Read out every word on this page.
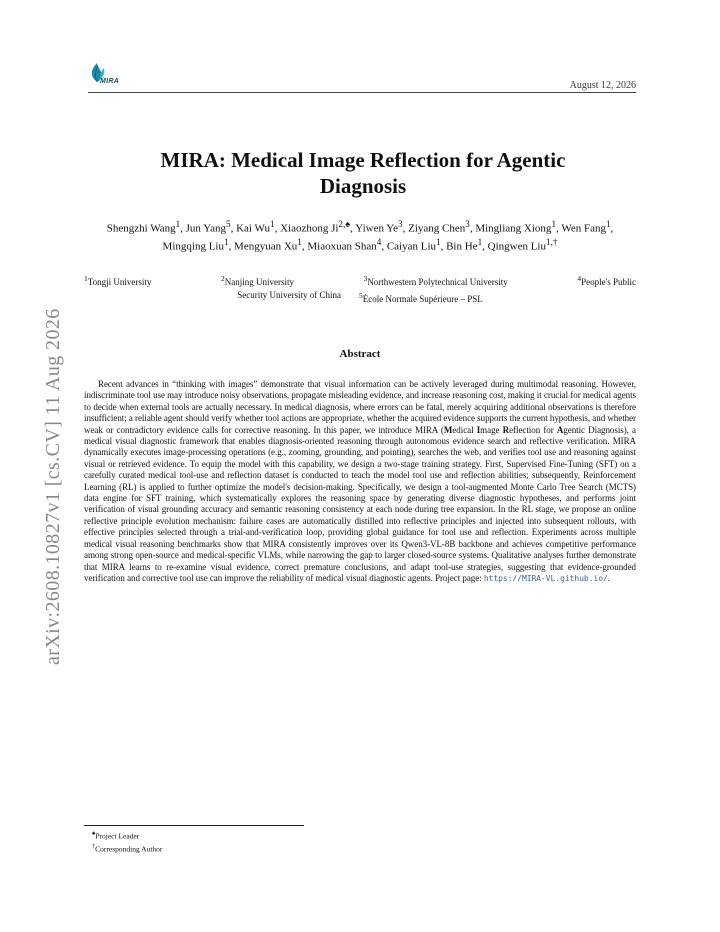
MIRA	August 12, 2026
arXiv:2608.10827v1 [cs.CV] 11 Aug 2026
MIRA: Medical Image Reflection for Agentic
Diagnosis
Shengzhi Wang$^1$, Jun Yang$^5$, Kai Wu$^1$, Xiaozhong $Ji^{2,♠}$, Yiwen Ye$^3$, Ziyang Chen$^3$, Mingliang Xiong$^1$, Wen Fang$^1$, Mingqing Liu$^1$, Mengyuan Xu$^1$, Miaoxuan Shan$^4$, Caiyan Liu$^1$, Bin He$^1$, Qingwen Liu$^{1,\dagger}$
$^1$Tongji University	$^2$Nanjing University	$^3$Northwestern Polytechnical University	$^4$People's Public
Security University of China $^5$École Normale Supérieure – PSL
Abstract
Recent advances in “thinking with images” demonstrate that visual information can be actively leveraged during multimodal reasoning. However, indiscriminate tool use may introduce noisy observations, propagate misleading evidence, and increase reasoning cost, making it crucial for medical agents to decide when external tools are actually necessary. In medical diagnosis, where errors can be fatal, merely acquiring additional observations is therefore insufficient; a reliable agent should verify whether tool actions are appropriate, whether the acquired evidence supports the current hypothesis, and whether weak or contradictory evidence calls for corrective reasoning. In this paper, we introduce MIRA (Medical Image Reflection for Agentic Diagnosis), a medical visual diagnostic framework that enables diagnosis-oriented reasoning through autonomous evidence search and reflective verification. MIRA dynamically executes image-processing operations (e.g., zooming, grounding, and pointing), searches the web, and verifies tool use and reasoning against visual or retrieved evidence. To equip the model with this capability, we design a two-stage training strategy. First, Supervised Fine-Tuning (SFT) on a carefully curated medical tool-use and reflection dataset is conducted to teach the model tool use and reflection abilities; subsequently, Reinforcement Learning (RL) is applied to further optimize the model's decision-making. Specifically, we design a tool-augmented Monte Carlo Tree Search (MCTS) data engine for SFT training, which systematically explores the reasoning space by generating diverse diagnostic hypotheses, and performs joint verification of visual grounding accuracy and semantic reasoning consistency at each node during tree expansion. In the RL stage, we propose an online reflective principle evolution mechanism: failure cases are automatically distilled into reflective principles and injected into subsequent rollouts, with effective principles selected through a trial-and-verification loop, providing global guidance for tool use and reflection. Experiments across multiple medical visual reasoning benchmarks show that MIRA consistently improves over its Qwen3-VL-8B backbone and achieves competitive performance among strong open-source and medical-specific VLMs, while narrowing the gap to larger closed-source systems. Qualitative analyses further demonstrate that MIRA learns to re-examine visual evidence, correct premature conclusions, and adapt tool-use strategies, suggesting that evidence-grounded verification and corrective tool use can improve the reliability of medical visual diagnostic agents. Project page: https://MIRA-VL.github.io/.
♠Project Leader
†Corresponding Author
